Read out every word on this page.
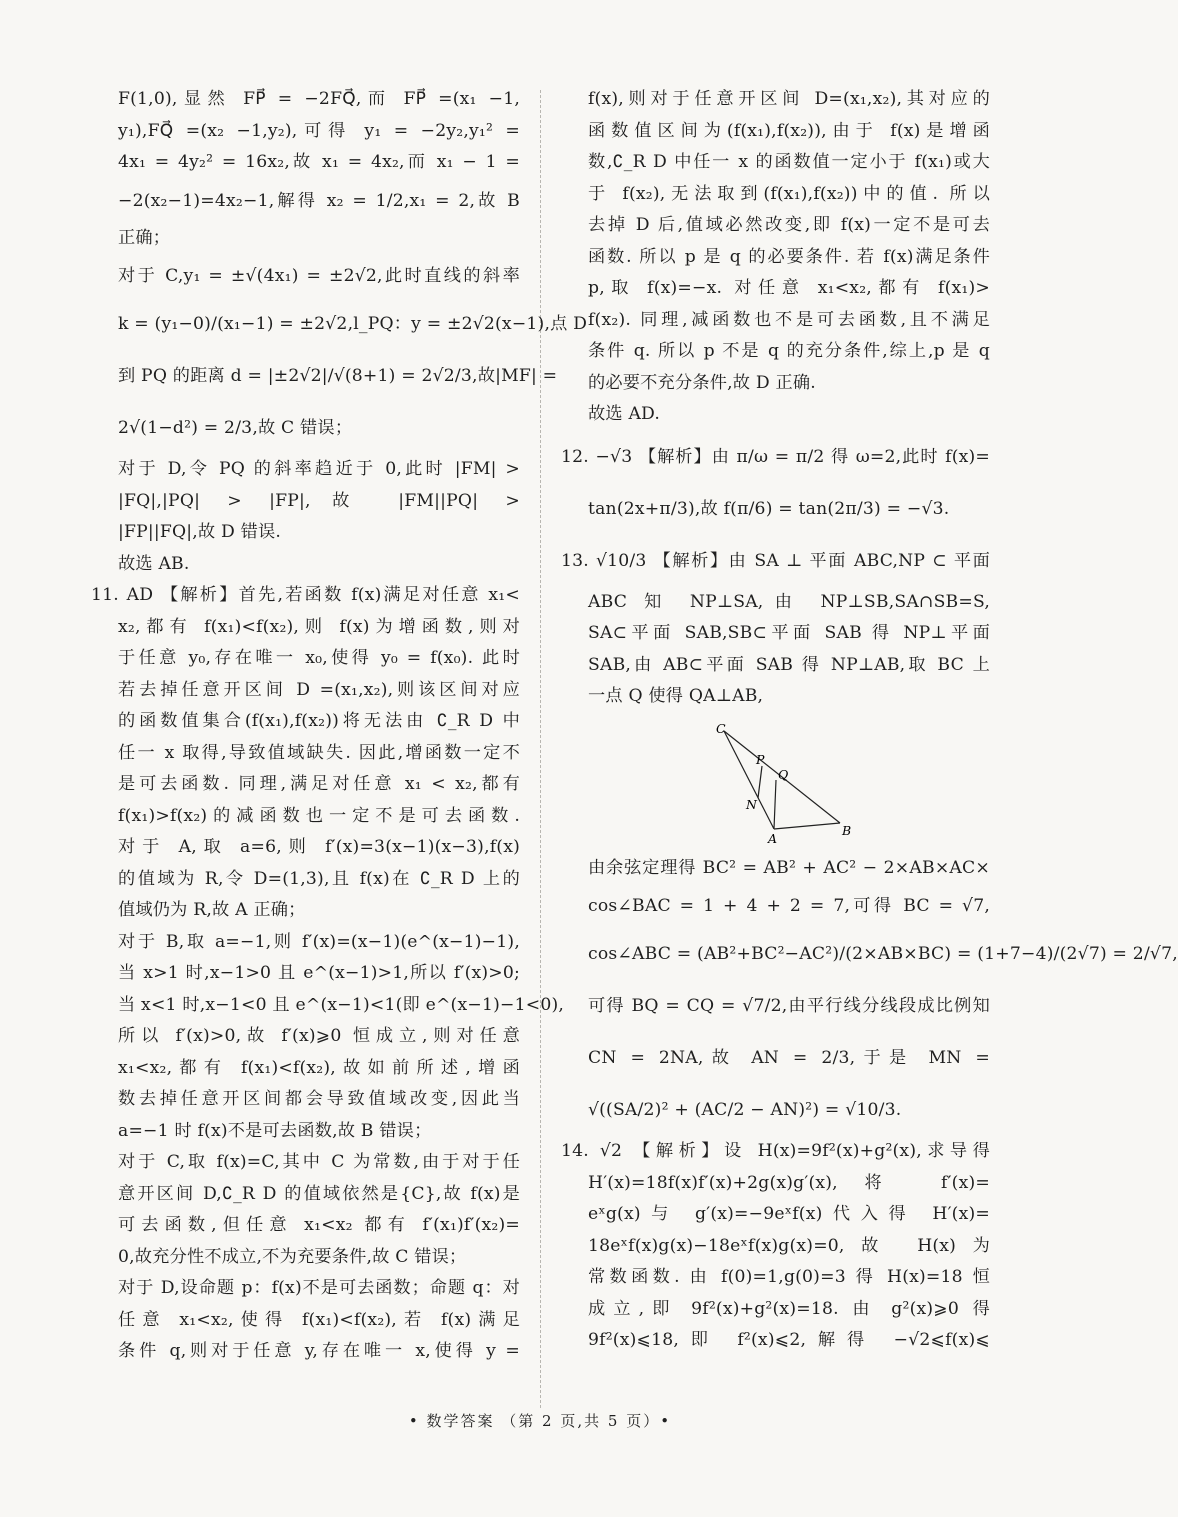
F(1,0),显然 FP⃗ = −2FQ⃗,而 FP⃗ =(x₁ −1,
y₁),FQ⃗ =(x₂ −1,y₂),可得 y₁ = −2y₂,y₁² =
4x₁ = 4y₂² = 16x₂,故 x₁ = 4x₂,而 x₁ − 1 =
−2(x₂−1)=4x₂−1,解得 x₂ = 1/2,x₁ = 2,故 B
正确；
对于 C,y₁ = ±√(4x₁) = ±2√2,此时直线的斜率
k = (y₁−0)/(x₁−1) = ±2√2,l_PQ：y = ±2√2(x−1),点 D
到 PQ 的距离 d = |±2√2|/√(8+1) = 2√2/3,故|MF| =
2√(1−d²) = 2/3,故 C 错误；
对于 D,令 PQ 的斜率趋近于 0,此时 |FM| >
|FQ|,|PQ| > |FP|,故 |FM||PQ| >
|FP||FQ|,故 D 错误.
故选 AB.
11. AD 【解析】首先,若函数 f(x)满足对任意 x₁<
x₂,都有 f(x₁)<f(x₂),则 f(x)为增函数,则对
于任意 y₀,存在唯一 x₀,使得 y₀ = f(x₀). 此时
若去掉任意开区间 D =(x₁,x₂),则该区间对应
的函数值集合(f(x₁),f(x₂))将无法由 ∁_R D 中
任一 x 取得,导致值域缺失. 因此,增函数一定不
是可去函数. 同理,满足对任意 x₁ < x₂,都有
f(x₁)>f(x₂)的减函数也一定不是可去函数.
对于 A,取 a=6,则 f′(x)=3(x−1)(x−3),f(x)
的值域为 R,令 D=(1,3),且 f(x)在 ∁_R D 上的
值域仍为 R,故 A 正确；
对于 B,取 a=−1,则 f′(x)=(x−1)(e^(x−1)−1),
当 x>1 时,x−1>0 且 e^(x−1)>1,所以 f′(x)>0;
当 x<1 时,x−1<0 且 e^(x−1)<1(即 e^(x−1)−1<0),
所以 f′(x)>0,故 f′(x)⩾0 恒成立,则对任意
x₁<x₂,都有 f(x₁)<f(x₂),故如前所述,增函
数去掉任意开区间都会导致值域改变,因此当
a=−1 时 f(x)不是可去函数,故 B 错误；
对于 C,取 f(x)=C,其中 C 为常数,由于对于任
意开区间 D,∁_R D 的值域依然是{C},故 f(x)是
可去函数,但任意 x₁<x₂ 都有 f′(x₁)f′(x₂)=
0,故充分性不成立,不为充要条件,故 C 错误；
对于 D,设命题 p：f(x)不是可去函数；命题 q：对
任意 x₁<x₂,使得 f(x₁)<f(x₂),若 f(x)满足
条件 q,则对于任意 y,存在唯一 x,使得 y =
f(x),则对于任意开区间 D=(x₁,x₂),其对应的
函数值区间为(f(x₁),f(x₂)),由于 f(x)是增函
数,∁_R D 中任一 x 的函数值一定小于 f(x₁)或大
于 f(x₂),无法取到(f(x₁),f(x₂))中的值. 所以
去掉 D 后,值域必然改变,即 f(x)一定不是可去
函数. 所以 p 是 q 的必要条件. 若 f(x)满足条件
p,取 f(x)=−x. 对任意 x₁<x₂,都有 f(x₁)>
f(x₂). 同理,减函数也不是可去函数,且不满足
条件 q. 所以 p 不是 q 的充分条件,综上,p 是 q
的必要不充分条件,故 D 正确.
故选 AD.
12. −√3 【解析】由 π/ω = π/2 得 ω=2,此时 f(x)=
tan(2x+π/3),故 f(π/6) = tan(2π/3) = −√3.
13. √10/3 【解析】由 SA ⊥ 平面 ABC,NP ⊂ 平面
ABC 知 NP⊥SA,由 NP⊥SB,SA∩SB=S,
SA⊂平面 SAB,SB⊂平面 SAB 得 NP⊥平面
SAB,由 AB⊂平面 SAB 得 NP⊥AB,取 BC 上
一点 Q 使得 QA⊥AB,
C
P
Q
N
A
B
由余弦定理得 BC² = AB² + AC² − 2×AB×AC×
cos∠BAC = 1 + 4 + 2 = 7,可得 BC = √7,
cos∠ABC = (AB²+BC²−AC²)/(2×AB×BC) = (1+7−4)/(2√7) = 2/√7,
可得 BQ = CQ = √7/2,由平行线分线段成比例知
CN = 2NA,故 AN = 2/3,于是 MN =
√((SA/2)² + (AC/2 − AN)²) = √10/3.
14. √2 【解析】设 H(x)=9f²(x)+g²(x),求导得
H′(x)=18f(x)f′(x)+2g(x)g′(x),将 f′(x)=
eˣg(x)与 g′(x)=−9eˣf(x)代入得 H′(x)=
18eˣf(x)g(x)−18eˣf(x)g(x)=0,故 H(x)为
常数函数. 由 f(0)=1,g(0)=3 得 H(x)=18 恒
成立,即 9f²(x)+g²(x)=18. 由 g²(x)⩾0 得
9f²(x)⩽18,即 f²(x)⩽2,解得 −√2⩽f(x)⩽
• 数学答案 （第 2 页,共 5 页）•
